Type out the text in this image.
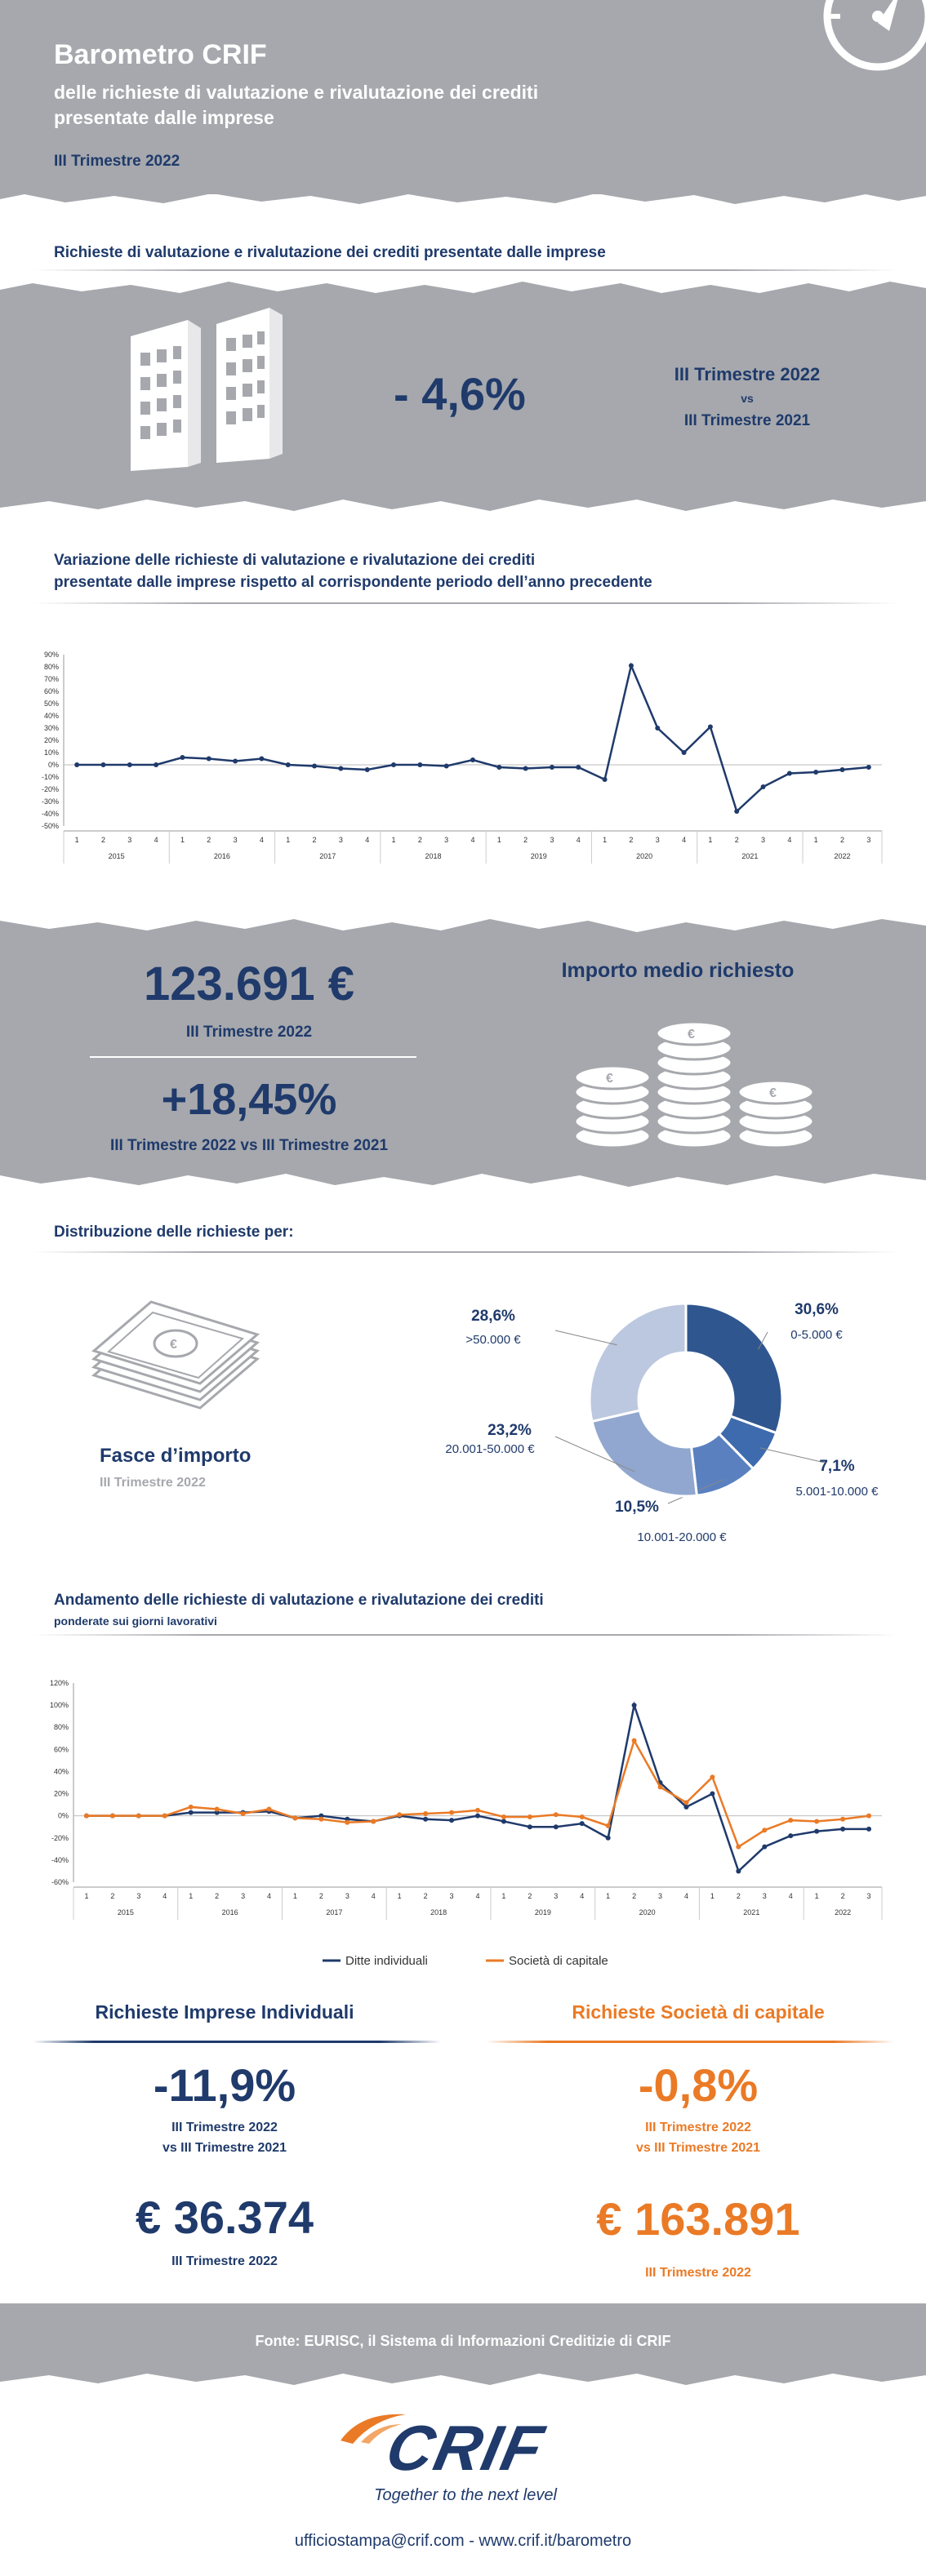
Barometro CRIF
delle richieste di valutazione e rivalutazione dei crediti
presentate dalle imprese
III Trimestre 2022
Richieste di valutazione e rivalutazione dei crediti presentate dalle imprese
- 4,6%	III Trimestre 2022
vs
III Trimestre 2021
Variazione delle richieste di valutazione e rivalutazione dei crediti
presentate dalle imprese rispetto al corrispondente periodo dell’anno precedente
90%
80%
70%
60%
50%
40%
30%
20%
10%
0%
-10%
-20%
-30%
-40%
-50%
1	2	3	4	1	2	3	4	1	2	3	4	1	2	3	4	1	2	3	4	1	2	3	4	1	2	3	4	1	2	3
2015	2016	2017	2018	2019	2020	2021	2022
123.691 €
III Trimestre 2022
+18,45%
III Trimestre 2022 vs III Trimestre 2021
Importo medio richiesto
€
€
€
Distribuzione delle richieste per:
€
Fasce d’importo
III Trimestre 2022
30,6%
0-5.000 €
7,1%
5.001-10.000 €
10,5%
10.001-20.000 €
23,2%
20.001-50.000 €
28,6%
>50.000 €
Andamento delle richieste di valutazione e rivalutazione dei crediti
ponderate sui giorni lavorativi
120%
100%
80%
60%
40%
20%
0%
-20%
-40%
-60%
1	2	3	4	1	2	3	4	1	2	3	4	1	2	3	4	1	2	3	4	1	2	3	4	1	2	3	4	1	2	3
2015	2016	2017	2018	2019	2020	2021	2022
Ditte individuali	Società di capitale
Richieste Imprese Individuali
-11,9%
III Trimestre 2022
vs III Trimestre 2021
€ 36.374
III Trimestre 2022
Richieste Società di capitale
-0,8%
III Trimestre 2022
vs III Trimestre 2021
€ 163.891
III Trimestre 2022
Fonte: EURISC, il Sistema di Informazioni Creditizie di CRIF
CRIF
Together to the next level
ufficiostampa@crif.com - www.crif.it/barometro
